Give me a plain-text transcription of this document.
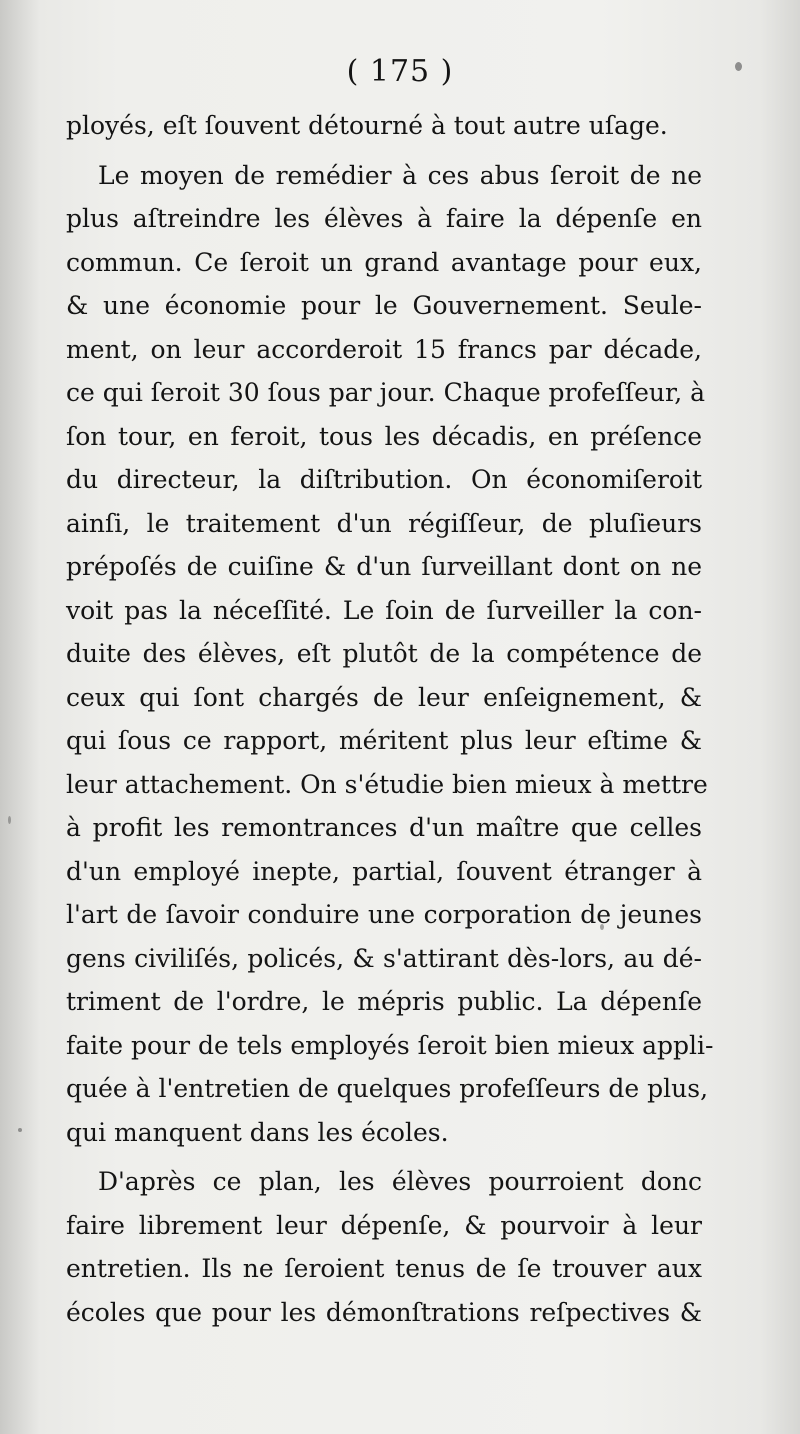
( 175 )
ployés, eſt ſouvent détourné à tout autre uſage.
Le moyen de remédier à ces abus ſeroit de ne
plus aſtreindre les élèves à faire la dépenſe en
commun. Ce ſeroit un grand avantage pour eux,
& une économie pour le Gouvernement. Seule-
ment, on leur accorderoit 15 francs par décade,
ce qui ſeroit 30 ſous par jour. Chaque profeſſeur, à
ſon tour, en feroit, tous les décadis, en préſence
du directeur, la diſtribution. On économiſeroit
ainſi, le traitement d'un régiſſeur, de pluſieurs
prépoſés de cuiſine & d'un ſurveillant dont on ne
voit pas la néceſſité. Le ſoin de ſurveiller la con-
duite des élèves, eſt plutôt de la compétence de
ceux qui ſont chargés de leur enſeignement, &
qui ſous ce rapport, méritent plus leur eſtime &
leur attachement. On s'étudie bien mieux à mettre
à profit les remontrances d'un maître que celles
d'un employé inepte, partial, ſouvent étranger à
l'art de ſavoir conduire une corporation de jeunes
gens civiliſés, policés, & s'attirant dès-lors, au dé-
triment de l'ordre, le mépris public. La dépenſe
faite pour de tels employés ſeroit bien mieux appli-
quée à l'entretien de quelques profeſſeurs de plus,
qui manquent dans les écoles.
D'après ce plan, les élèves pourroient donc
faire librement leur dépenſe, & pourvoir à leur
entretien. Ils ne ſeroient tenus de ſe trouver aux
écoles que pour les démonſtrations reſpectives &
